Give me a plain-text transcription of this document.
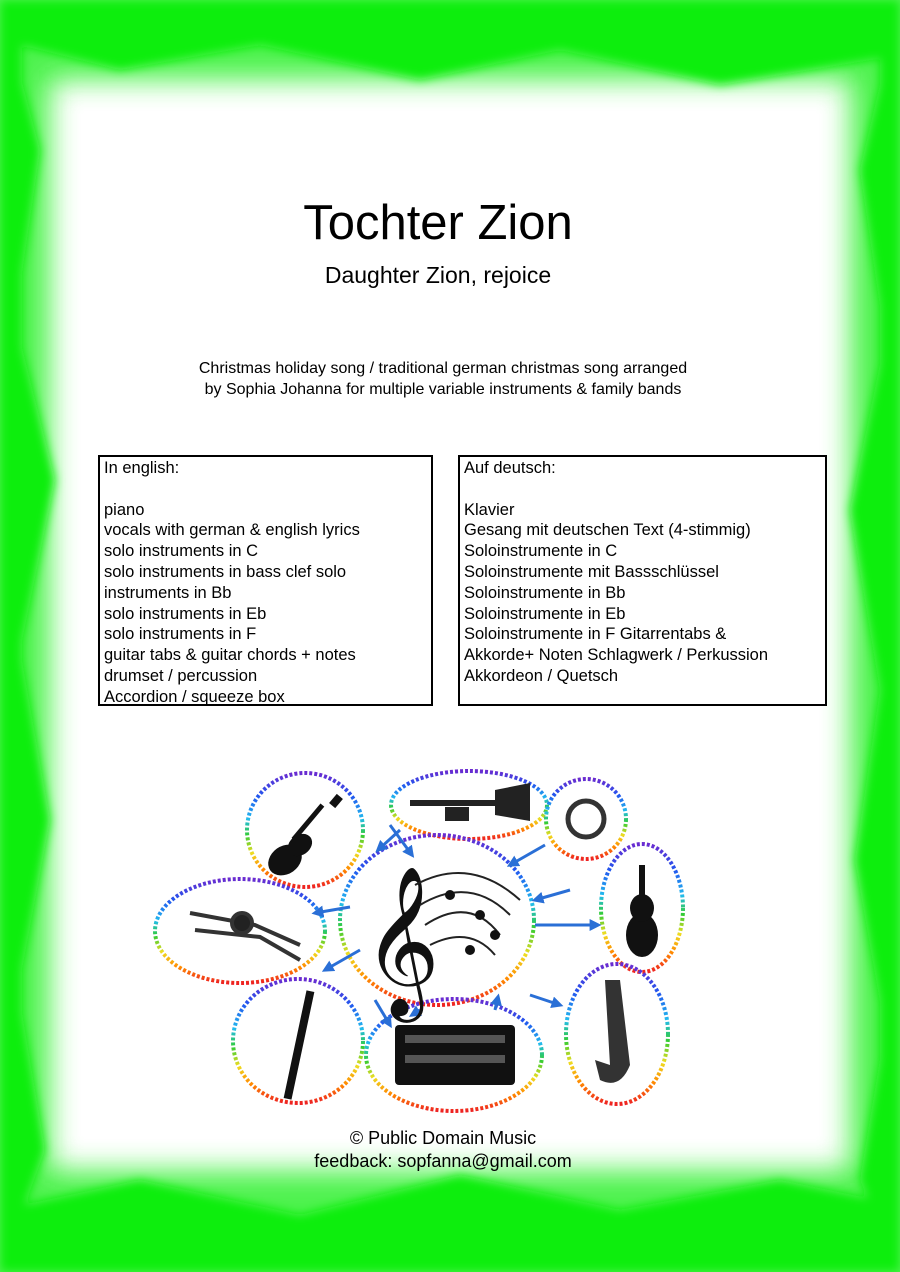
Tochter Zion
Daughter Zion, rejoice
Christmas holiday song / traditional german christmas song arranged
by Sophia Johanna for multiple variable instruments & family bands
In english:
piano
vocals with german & english lyrics
solo instruments in C
solo instruments in bass clef solo
instruments in Bb
solo instruments in Eb
solo instruments in F
guitar tabs & guitar chords + notes
drumset / percussion
Accordion / squeeze box
Auf deutsch:
Klavier
Gesang mit deutschen Text (4-stimmig)
Soloinstrumente in C
Soloinstrumente mit Bassschlüssel
Soloinstrumente in Bb
Soloinstrumente in Eb
Soloinstrumente in F Gitarrentabs &
Akkorde+ Noten Schlagwerk / Perkussion
Akkordeon / Quetsch
𝄞
© Public Domain Music
feedback: sopfanna@gmail.com
